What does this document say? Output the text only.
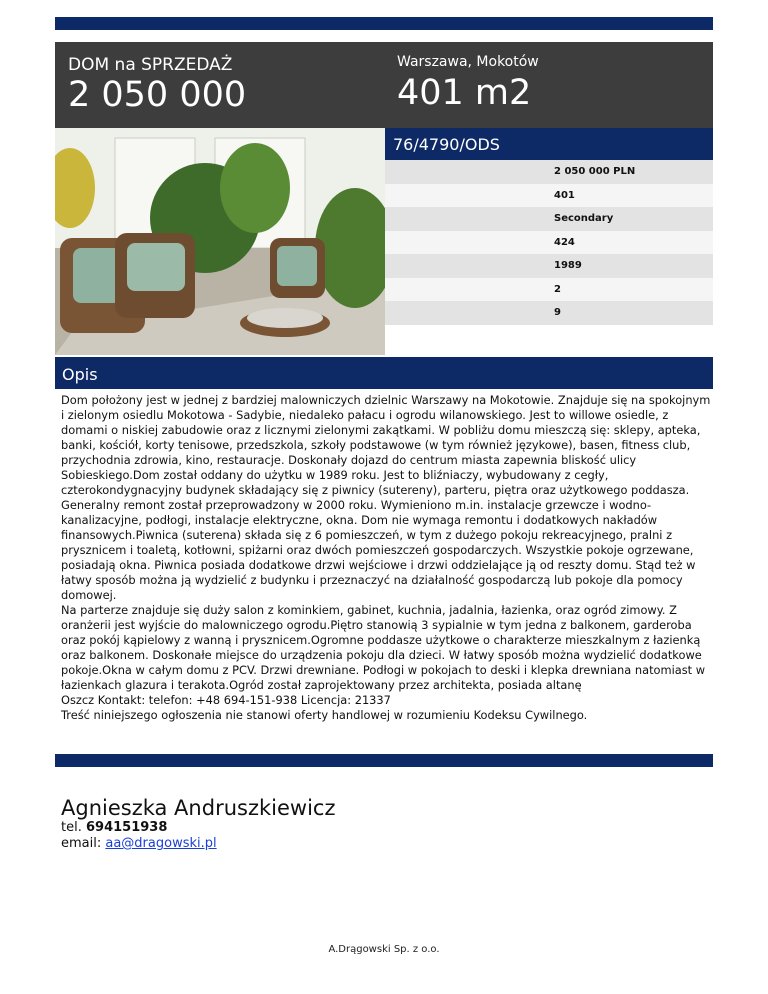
DOM na SPRZEDAŻ
2 050 000
Warszawa, Mokotów
401 m2
76/4790/ODS
2 050 000 PLN
401
Secondary
424
1989
2
9
Opis

Dom położony jest w jednej z bardziej malowniczych dzielnic Warszawy na Mokotowie. Znajduje się na spokojnym i zielonym osiedlu Mokotowa - Sadybie, niedaleko pałacu i ogrodu wilanowskiego. Jest to willowe osiedle, z domami o niskiej zabudowie oraz z licznymi zielonymi zakątkami. W pobliżu domu mieszczą się: sklepy, apteka, banki, kościół, korty tenisowe, przedszkola, szkoły podstawowe (w tym również językowe), basen, fitness club, przychodnia zdrowia, kino, restauracje. Doskonały dojazd do centrum miasta zapewnia bliskość ulicy Sobieskiego.Dom został oddany do użytku w 1989 roku. Jest to bliźniaczy, wybudowany z cegły, czterokondygnacyjny budynek składający się z piwnicy (sutereny), parteru, piętra oraz użytkowego poddasza. Generalny remont został przeprowadzony w 2000 roku. Wymieniono m.in. instalacje grzewcze i wodno-kanalizacyjne, podłogi, instalacje elektryczne, okna. Dom nie wymaga remontu i dodatkowych nakładów finansowych.Piwnica (suterena) składa się z 6 pomieszczeń, w tym z dużego pokoju rekreacyjnego, pralni z prysznicem i toaletą, kotłowni, spiżarni oraz dwóch pomieszczeń gospodarczych. Wszystkie pokoje ogrzewane, posiadają okna. Piwnica posiada dodatkowe drzwi wejściowe i drzwi oddzielające ją od reszty domu. Stąd też w łatwy sposób można ją wydzielić z budynku i przeznaczyć na działalność gospodarczą lub pokoje dla pomocy domowej.

Na parterze znajduje się duży salon z kominkiem, gabinet, kuchnia, jadalnia, łazienka, oraz ogród zimowy. Z oranżerii jest wyjście do malowniczego ogrodu.Piętro stanowią 3 sypialnie w tym jedna z balkonem, garderoba oraz pokój kąpielowy z wanną i prysznicem.Ogromne poddasze użytkowe o charakterze mieszkalnym z łazienką oraz balkonem. Doskonałe miejsce do urządzenia pokoju dla dzieci. W łatwy sposób można wydzielić dodatkowe pokoje.Okna w całym domu z PCV. Drzwi drewniane. Podłogi w pokojach to deski i klepka drewniana natomiast w łazienkach glazura i terakota.Ogród został zaprojektowany przez architekta, posiada altanę

Oszcz Kontakt: telefon: +48 694-151-938 Licencja: 21337

Treść niniejszego ogłoszenia nie stanowi oferty handlowej w rozumieniu Kodeksu Cywilnego.

Agnieszka Andruszkiewicz
tel. 694151938
email: aa@dragowski.pl
A.Drągowski Sp. z o.o.
